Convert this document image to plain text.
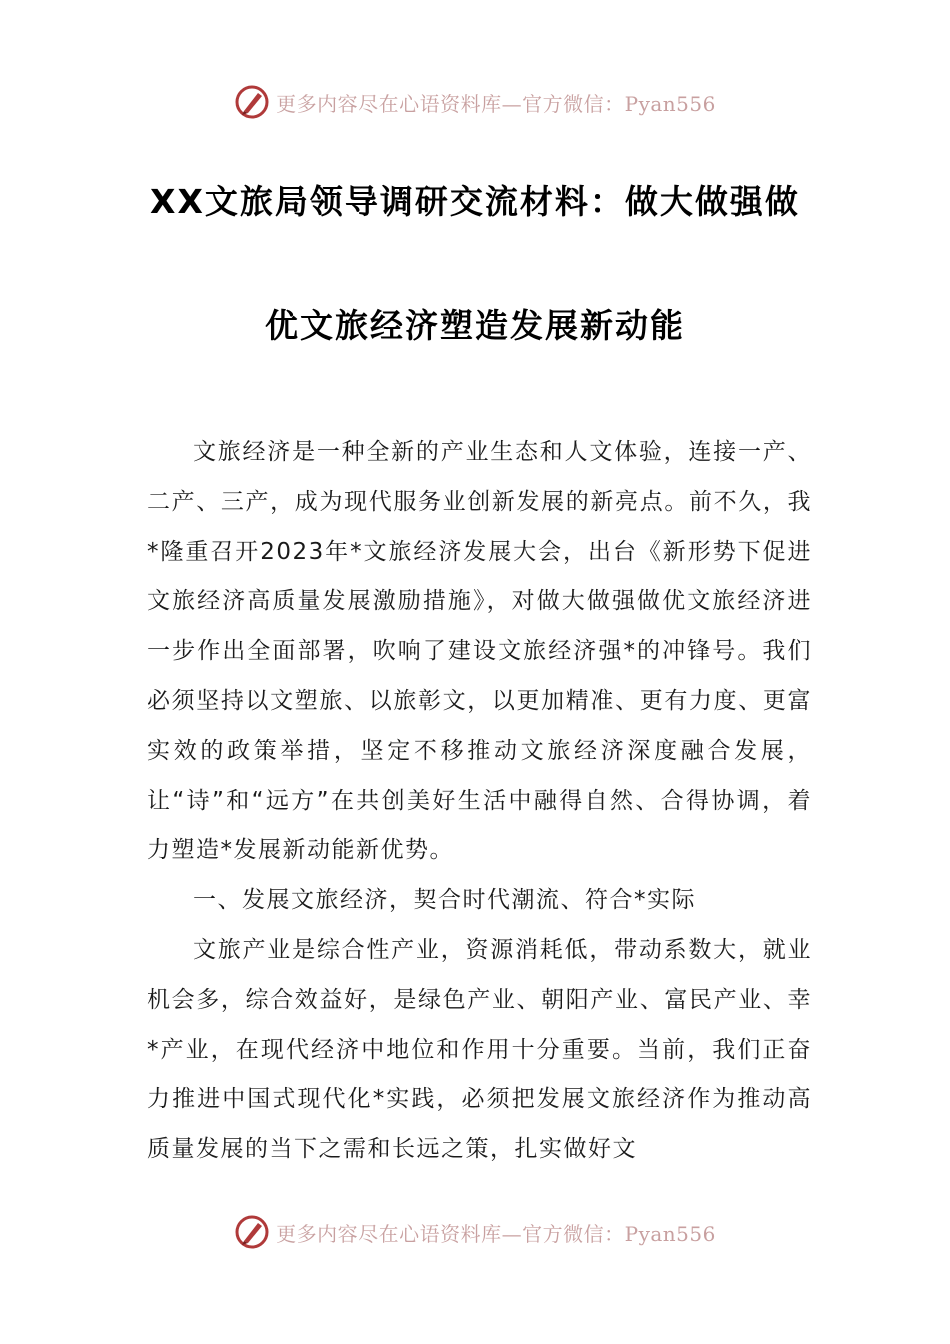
更多内容尽在心语资料库—官方微信：Pyan556
XX文旅局领导调研交流材料：做大做强做
优文旅经济塑造发展新动能

文旅经济是一种全新的产业生态和人文体验，连接一产、二产、三产，成为现代服务业创新发展的新亮点。前不久，我*隆重召开2023年*文旅经济发展大会，出台《新形势下促进文旅经济高质量发展激励措施》，对做大做强做优文旅经济进一步作出全面部署，吹响了建设文旅经济强*的冲锋号。我们必须坚持以文塑旅、以旅彰文，以更加精准、更有力度、更富实效的政策举措，坚定不移推动文旅经济深度融合发展，让“诗”和“远方”在共创美好生活中融得自然、合得协调，着力塑造*发展新动能新优势。

一、发展文旅经济，契合时代潮流、符合*实际

文旅产业是综合性产业，资源消耗低，带动系数大，就业机会多，综合效益好，是绿色产业、朝阳产业、富民产业、幸*产业，在现代经济中地位和作用十分重要。当前，我们正奋力推进中国式现代化*实践，必须把发展文旅经济作为推动高质量发展的当下之需和长远之策，扎实做好文

更多内容尽在心语资料库—官方微信：Pyan556
